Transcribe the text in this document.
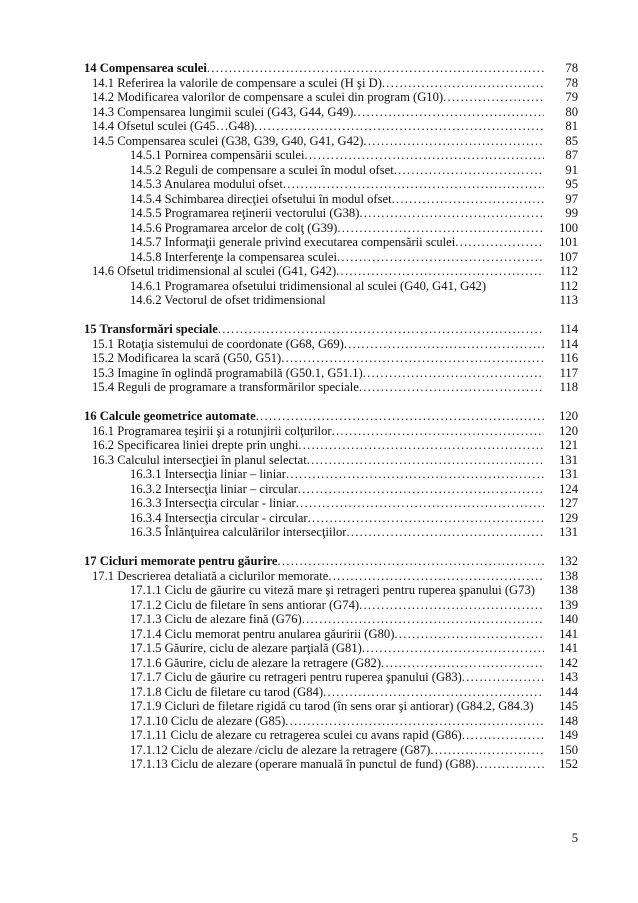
14 Compensarea sculei .....	78
14.1 Referirea la valorile de compensare a sculei (H şi D) .....	78
14.2 Modificarea valorilor de compensare a sculei din program (G10) .....	79
14.3 Compensarea lungimii sculei (G43, G44, G49) .....	80
14.4 Ofsetul sculei (G45…G48) .....	81
14.5 Compensarea sculei (G38, G39, G40, G41, G42) .....	85
14.5.1 Pornirea compensării sculei .....	87
14.5.2 Reguli de compensare a sculei în modul ofset .....	91
14.5.3 Anularea modului ofset .....	95
14.5.4 Schimbarea direcţiei ofsetului în modul ofset .....	97
14.5.5 Programarea reţinerii vectorului (G38) .....	99
14.5.6 Programarea arcelor de colţ (G39) .....	100
14.5.7 Informaţii generale privind executarea compensării sculei .....	101
14.5.8 Interferenţe la compensarea sculei .....	107
14.6 Ofsetul tridimensional al sculei (G41, G42) .....	112
14.6.1 Programarea ofsetului tridimensional al sculei (G40, G41, G42)	112
14.6.2 Vectorul de ofset tridimensional	113
15 Transformări speciale .....	114
15.1 Rotaţia sistemului de coordonate (G68, G69) .....	114
15.2 Modificarea la scară (G50, G51) .....	116
15.3 Imagine în oglindă programabilă (G50.1, G51.1) .....	117
15.4 Reguli de programare a transformărilor speciale .....	118
16 Calcule geometrice automate .....	120
16.1 Programarea teşirii şi a rotunjirii colţurilor .....	120
16.2 Specificarea liniei drepte prin unghi .....	121
16.3 Calculul intersecţiei în planul selectat .....	131
16.3.1 Intersecţia liniar – liniar .....	131
16.3.2 Intersecţia liniar – circular .....	124
16.3.3 Intersecţia circular - liniar .....	127
16.3.4 Intersecţia circular - circular .....	129
16.3.5 Înlănţuirea calculărilor intersecţiilor .....	131
17 Cicluri memorate pentru găurire .....	132
17.1 Descrierea detaliată a ciclurilor memorate .....	138
17.1.1 Ciclu de găurire cu viteză mare şi retrageri pentru ruperea şpanului (G73)	138
17.1.2 Ciclu de filetare în sens antiorar (G74) .....	139
17.1.3 Ciclu de alezare fină (G76) .....	140
17.1.4 Ciclu memorat pentru anularea găuririi (G80) .....	141
17.1.5 Găurire, ciclu de alezare parţială (G81) .....	141
17.1.6 Găurire, ciclu de alezare la retragere (G82) .....	142
17.1.7 Ciclu de găurire cu retrageri pentru ruperea şpanului (G83) .....	143
17.1.8 Ciclu de filetare cu tarod (G84) .....	144
17.1.9 Cicluri de filetare rigidă cu tarod (în sens orar şi antiorar) (G84.2, G84.3)	145
17.1.10 Ciclu de alezare (G85) .....	148
17.1.11 Ciclu de alezare cu retragerea sculei cu avans rapid (G86) .....	149
17.1.12 Ciclu de alezare /ciclu de alezare la retragere (G87) .....	150
17.1.13 Ciclu de alezare (operare manuală în punctul de fund) (G88) .....	152
5
